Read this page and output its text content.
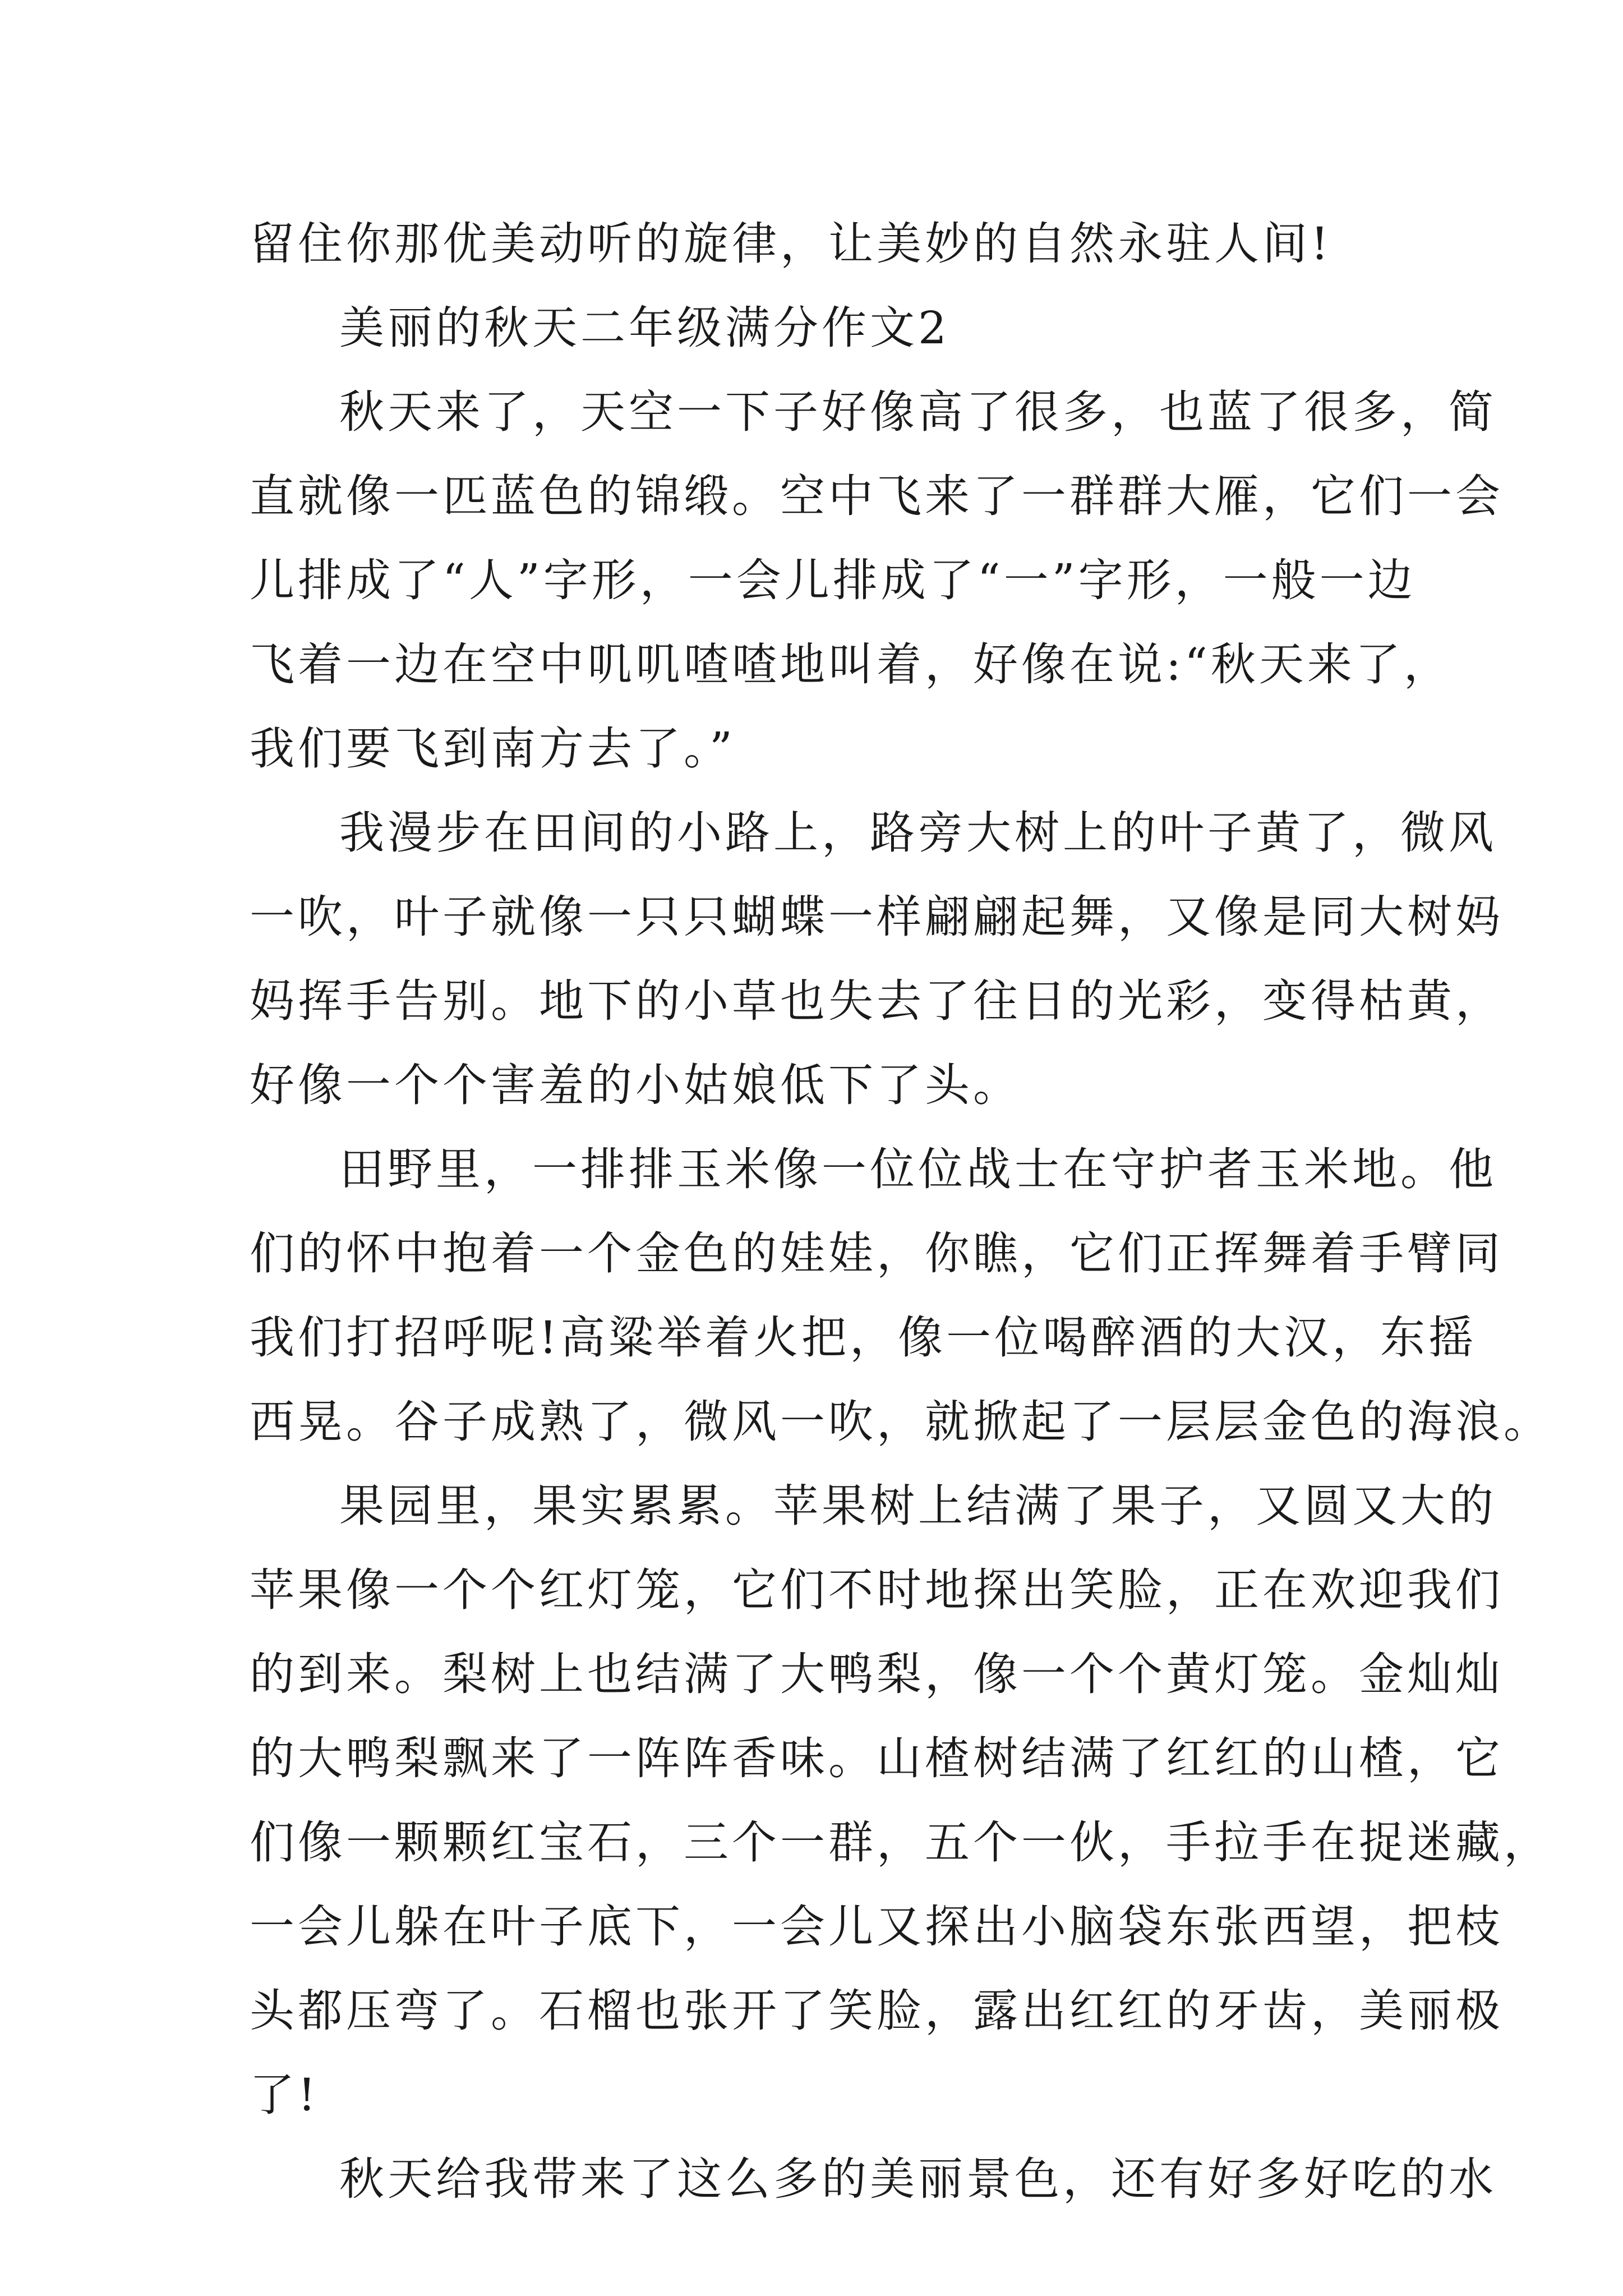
留住你那优美动听的旋律，让美妙的自然永驻人间!
美丽的秋天二年级满分作文2
秋天来了，天空一下子好像高了很多，也蓝了很多，简
直就像一匹蓝色的锦缎。空中飞来了一群群大雁，它们一会
儿排成了“人”字形，一会儿排成了“一”字形，一般一边
飞着一边在空中叽叽喳喳地叫着，好像在说:“秋天来了，
我们要飞到南方去了。”
我漫步在田间的小路上，路旁大树上的叶子黄了，微风
一吹，叶子就像一只只蝴蝶一样翩翩起舞，又像是同大树妈
妈挥手告别。地下的小草也失去了往日的光彩，变得枯黄，
好像一个个害羞的小姑娘低下了头。
田野里，一排排玉米像一位位战士在守护者玉米地。他
们的怀中抱着一个金色的娃娃，你瞧，它们正挥舞着手臂同
我们打招呼呢!高粱举着火把，像一位喝醉酒的大汉，东摇
西晃。谷子成熟了，微风一吹，就掀起了一层层金色的海浪。
果园里，果实累累。苹果树上结满了果子，又圆又大的
苹果像一个个红灯笼，它们不时地探出笑脸，正在欢迎我们
的到来。梨树上也结满了大鸭梨，像一个个黄灯笼。金灿灿
的大鸭梨飘来了一阵阵香味。山楂树结满了红红的山楂，它
们像一颗颗红宝石，三个一群，五个一伙，手拉手在捉迷藏，
一会儿躲在叶子底下，一会儿又探出小脑袋东张西望，把枝
头都压弯了。石榴也张开了笑脸，露出红红的牙齿，美丽极
了!
秋天给我带来了这么多的美丽景色，还有好多好吃的水
